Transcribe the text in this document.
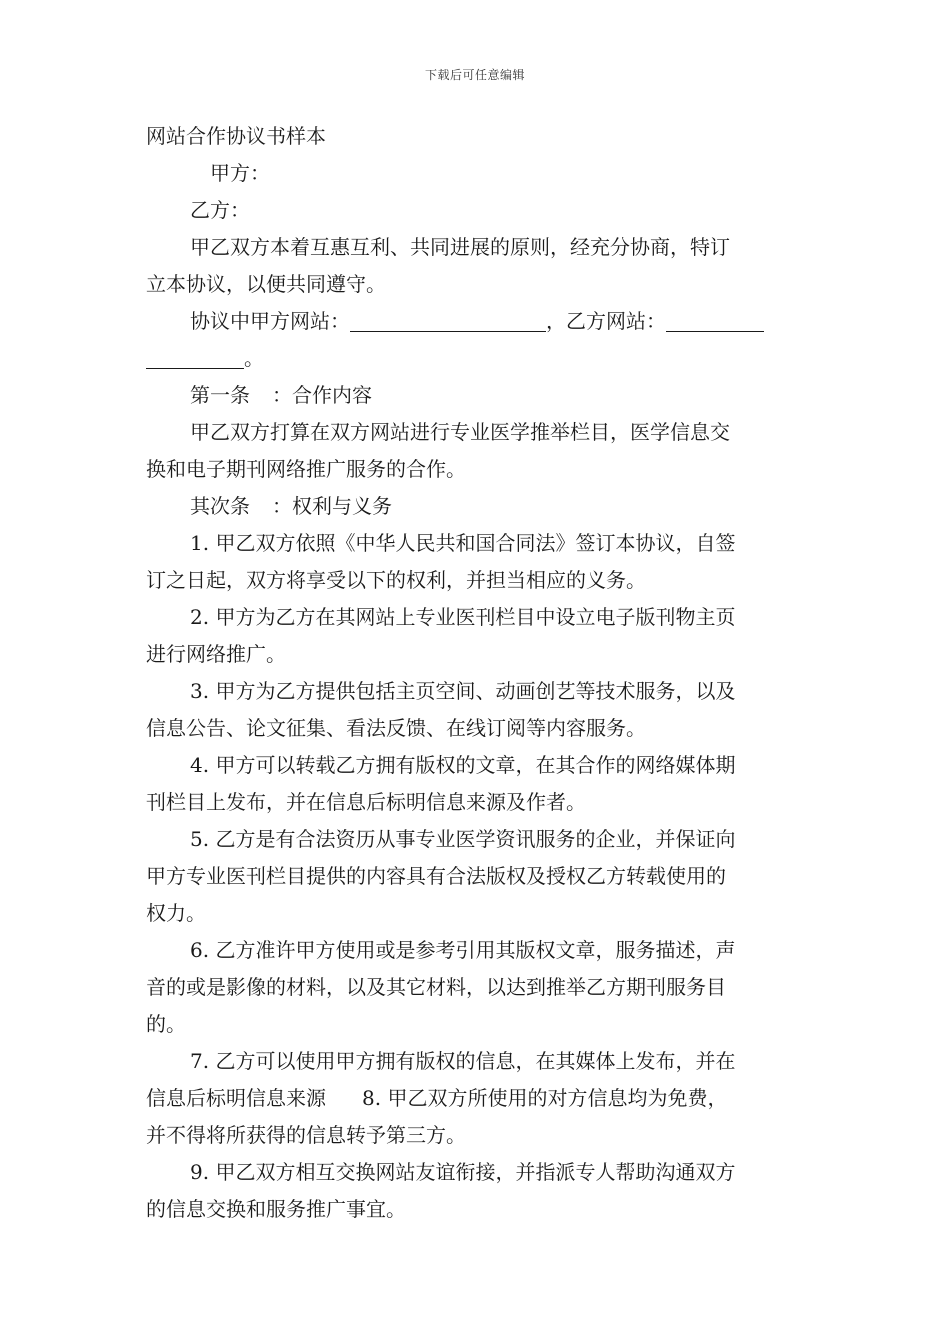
下载后可任意编辑
网站合作协议书样本
甲方：
乙方：
甲乙双方本着互惠互利、共同进展的原则，经充分协商，特订
立本协议，以便共同遵守。
协议中甲方网站：	，乙方网站：
。
第一条 ：合作内容
甲乙双方打算在双方网站进行专业医学推举栏目，医学信息交
换和电子期刊网络推广服务的合作。
其次条 ：权利与义务
1. 甲乙双方依照《中华人民共和国合同法》签订本协议，自签
订之日起，双方将享受以下的权利，并担当相应的义务。
2. 甲方为乙方在其网站上专业医刊栏目中设立电子版刊物主页
进行网络推广。
3. 甲方为乙方提供包括主页空间、动画创艺等技术服务，以及
信息公告、论文征集、看法反馈、在线订阅等内容服务。
4. 甲方可以转载乙方拥有版权的文章，在其合作的网络媒体期
刊栏目上发布，并在信息后标明信息来源及作者。
5. 乙方是有合法资历从事专业医学资讯服务的企业，并保证向
甲方专业医刊栏目提供的内容具有合法版权及授权乙方转载使用的
权力。
6. 乙方准许甲方使用或是参考引用其版权文章，服务描述，声
音的或是影像的材料，以及其它材料，以达到推举乙方期刊服务目
的。
7. 乙方可以使用甲方拥有版权的信息，在其媒体上发布，并在
信息后标明信息来源 8. 甲乙双方所使用的对方信息均为免费，
并不得将所获得的信息转予第三方。
9. 甲乙双方相互交换网站友谊衔接，并指派专人帮助沟通双方
的信息交换和服务推广事宜。
